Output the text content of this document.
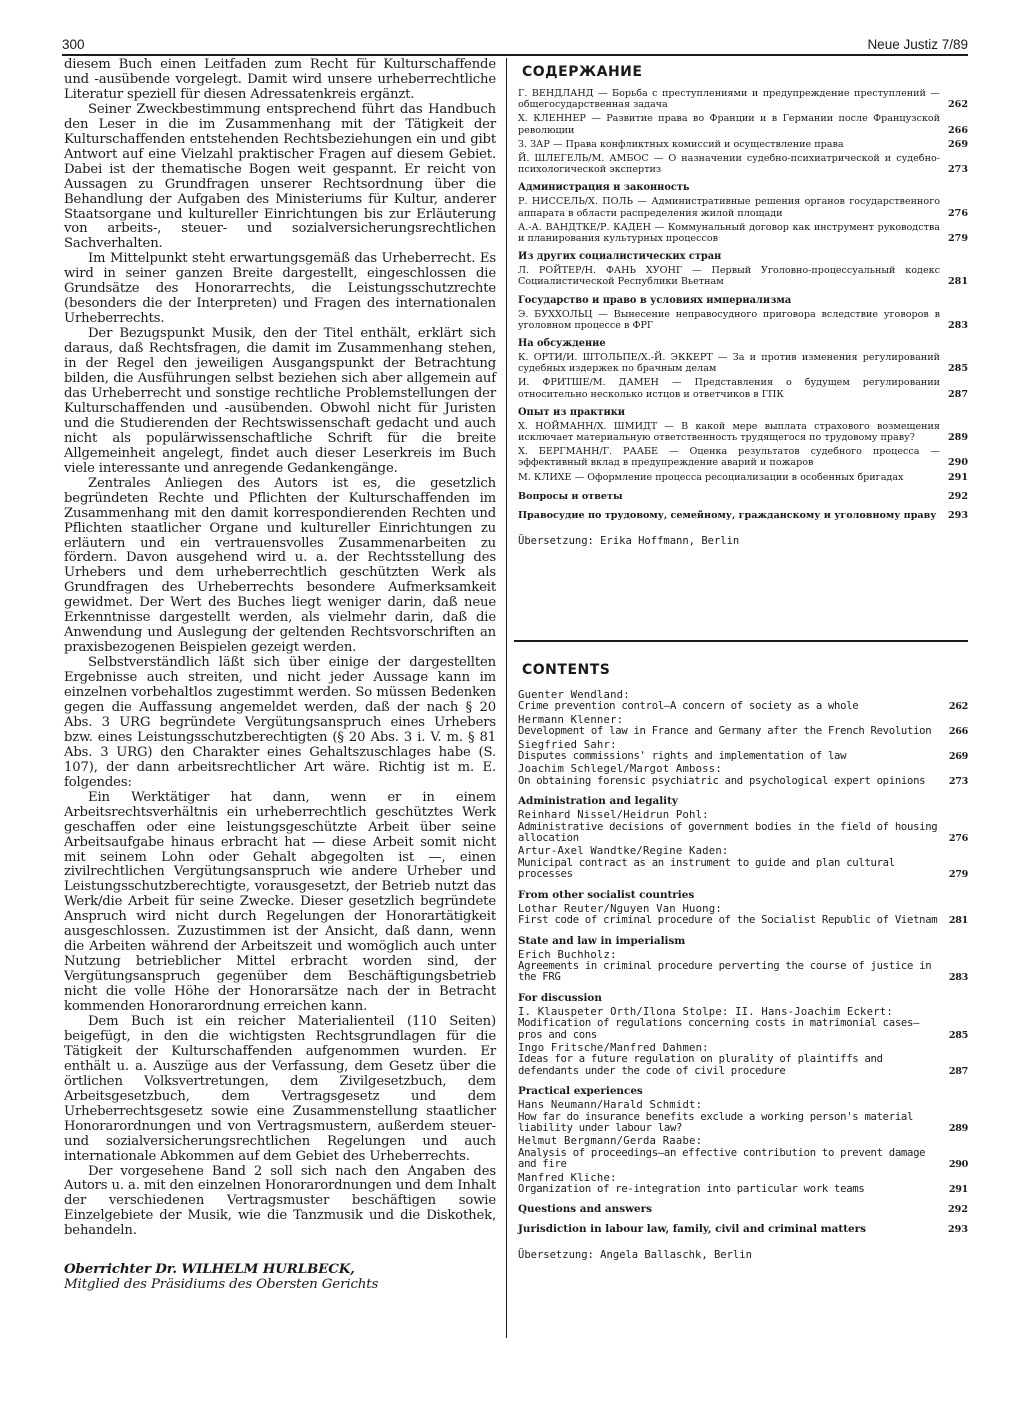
300	Neue Justiz 7/89

diesem Buch einen Leitfaden zum Recht für Kulturschaffende und -ausübende vorgelegt. Damit wird unsere urheberrechtliche Literatur speziell für diesen Adressatenkreis ergänzt.

Seiner Zweckbestimmung entsprechend führt das Handbuch den Leser in die im Zusammenhang mit der Tätigkeit der Kulturschaffenden entstehenden Rechtsbeziehungen ein und gibt Antwort auf eine Vielzahl praktischer Fragen auf diesem Gebiet. Dabei ist der thematische Bogen weit gespannt. Er reicht von Aussagen zu Grundfragen unserer Rechtsordnung über die Behandlung der Aufgaben des Ministeriums für Kultur, anderer Staatsorgane und kultureller Einrichtungen bis zur Erläuterung von arbeits-, steuer- und sozialversicherungsrechtlichen Sachverhalten.

Im Mittelpunkt steht erwartungsgemäß das Urheberrecht. Es wird in seiner ganzen Breite dargestellt, eingeschlossen die Grundsätze des Honorarrechts, die Leistungsschutzrechte (besonders die der Interpreten) und Fragen des internationalen Urheberrechts.

Der Bezugspunkt Musik, den der Titel enthält, erklärt sich daraus, daß Rechtsfragen, die damit im Zusammenhang stehen, in der Regel den jeweiligen Ausgangspunkt der Betrachtung bilden, die Ausführungen selbst beziehen sich aber allgemein auf das Urheberrecht und sonstige rechtliche Problemstellungen der Kulturschaffenden und -ausübenden. Obwohl nicht für Juristen und die Studierenden der Rechtswissenschaft gedacht und auch nicht als populärwissenschaftliche Schrift für die breite Allgemeinheit angelegt, findet auch dieser Leserkreis im Buch viele interessante und anregende Gedankengänge.

Zentrales Anliegen des Autors ist es, die gesetzlich begründeten Rechte und Pflichten der Kulturschaffenden im Zusammenhang mit den damit korrespondierenden Rechten und Pflichten staatlicher Organe und kultureller Einrichtungen zu erläutern und ein vertrauensvolles Zusammenarbeiten zu fördern. Davon ausgehend wird u. a. der Rechtsstellung des Urhebers und dem urheberrechtlich geschützten Werk als Grundfragen des Urheberrechts besondere Aufmerksamkeit gewidmet. Der Wert des Buches liegt weniger darin, daß neue Erkenntnisse dargestellt werden, als vielmehr darin, daß die Anwendung und Auslegung der geltenden Rechtsvorschriften an praxisbezogenen Beispielen gezeigt werden.

Selbstverständlich läßt sich über einige der dargestellten Ergebnisse auch streiten, und nicht jeder Aussage kann im einzelnen vorbehaltlos zugestimmt werden. So müssen Bedenken gegen die Auffassung angemeldet werden, daß der nach § 20 Abs. 3 URG begründete Vergütungsanspruch eines Urhebers bzw. eines Leistungsschutzberechtigten (§ 20 Abs. 3 i. V. m. § 81 Abs. 3 URG) den Charakter eines Gehaltszuschlages habe (S. 107), der dann arbeitsrechtlicher Art wäre. Richtig ist m. E. folgendes:

Ein Werktätiger hat dann, wenn er in einem Arbeitsrechtsverhältnis ein urheberrechtlich geschütztes Werk geschaffen oder eine leistungsgeschützte Arbeit über seine Arbeitsaufgabe hinaus erbracht hat — diese Arbeit somit nicht mit seinem Lohn oder Gehalt abgegolten ist —, einen zivilrechtlichen Vergütungsanspruch wie andere Urheber und Leistungsschutzberechtigte, vorausgesetzt, der Betrieb nutzt das Werk/die Arbeit für seine Zwecke. Dieser gesetzlich begründete Anspruch wird nicht durch Regelungen der Honorartätigkeit ausgeschlossen. Zuzustimmen ist der Ansicht, daß dann, wenn die Arbeiten während der Arbeitszeit und womöglich auch unter Nutzung betrieblicher Mittel erbracht worden sind, der Vergütungsanspruch gegenüber dem Beschäftigungsbetrieb nicht die volle Höhe der Honorarsätze nach der in Betracht kommenden Honorarordnung erreichen kann.

Dem Buch ist ein reicher Materialienteil (110 Seiten) beigefügt, in den die wichtigsten Rechtsgrundlagen für die Tätigkeit der Kulturschaffenden aufgenommen wurden. Er enthält u. a. Auszüge aus der Verfassung, dem Gesetz über die örtlichen Volksvertretungen, dem Zivilgesetzbuch, dem Arbeitsgesetzbuch, dem Vertragsgesetz und dem Urheberrechtsgesetz sowie eine Zusammenstellung staatlicher Honorarordnungen und von Vertragsmustern, außerdem steuer- und sozialversicherungsrechtlichen Regelungen und auch internationale Abkommen auf dem Gebiet des Urheberrechts.

Der vorgesehene Band 2 soll sich nach den Angaben des Autors u. a. mit den einzelnen Honorarordnungen und dem Inhalt der verschiedenen Vertragsmuster beschäftigen sowie Einzelgebiete der Musik, wie die Tanzmusik und die Diskothek, behandeln.

Oberrichter Dr. WILHELM HURLBECK,
Mitglied des Präsidiums des Obersten Gerichts
СОДЕРЖАНИЕ
Г. ВЕНДЛАНД — Борьба с преступлениями и предупреждение преступлений — общегосударственная задача	262
X. КЛЕННЕР — Развитие права во Франции и в Германии после Французской революции	266
З. ЗАР — Права конфликтных комиссий и осуществление права	269
Й. ШЛЕГЕЛЬ/М. АМБОС — О назначении судебно-психиатрической и судебно-психологической экспертиз	273
Администрация и законность
Р. НИССЕЛЬ/Х. ПОЛЬ — Административные решения органов государственного аппарата в области распределения жилой площади	276
А.-А. ВАНДТКЕ/Р. КАДЕН — Коммунальный договор как инструмент руководства и планирования культурных процессов	279
Из других социалистических стран
Л. РОЙТЕР/Н. ФАНЬ ХУОНГ — Первый Уголовно-процессуальный кодекс Социалистической Республики Вьетнам	281
Государство и право в условиях империализма
Э. БУХХОЛЬЦ — Вынесение неправосудного приговора вследствие уговоров в уголовном процессе в ФРГ	283
На обсуждение
К. ОРТИ/И. ШТОЛЬПЕ/Х.-Й. ЭККЕРТ — За и против изменения регулирований судебных издержек по брачным делам	285
И. ФРИТШЕ/М. ДАМЕН — Представления о будущем регулировании относительно несколько истцов и ответчиков в ГПК	287
Опыт из практики
X. НОЙМАНН/Х. ШМИДТ — В какой мере выплата страхового возмещения исключает материальную ответственность трудящегося по трудовому праву?	289
X. БЕРГМАНН/Г. РААБЕ — Оценка результатов судебного процесса — эффективный вклад в предупреждение аварий и пожаров	290
М. КЛИХЕ — Оформление процесса ресоциализации в особенных бригадах	291
Вопросы и ответы	292
Правосудие по трудовому, семейному, гражданскому и уголовному праву	293
Übersetzung: Erika Hoffmann, Berlin
CONTENTS
Guenter Wendland:
Crime prevention control—A concern of society as a whole	262
Hermann Klenner:
Development of law in France and Germany after the French Revolution	266
Siegfried Sahr:
Disputes commissions' rights and implementation of law	269
Joachim Schlegel/Margot Amboss:
On obtaining forensic psychiatric and psychological expert opinions	273
Administration and legality
Reinhard Nissel/Heidrun Pohl:
Administrative decisions of government bodies in the field of housing allocation	276
Artur-Axel Wandtke/Regine Kaden:
Municipal contract as an instrument to guide and plan cultural processes	279
From other socialist countries
Lothar Reuter/Nguyen Van Huong:
First code of criminal procedure of the Socialist Republic of Vietnam	281
State and law in imperialism
Erich Buchholz:
Agreements in criminal procedure perverting the course of justice in the FRG	283
For discussion
I. Klauspeter Orth/Ilona Stolpe: II. Hans-Joachim Eckert:
Modification of regulations concerning costs in matrimonial cases—pros and cons	285
Ingo Fritsche/Manfred Dahmen:
Ideas for a future regulation on plurality of plaintiffs and defendants under the code of civil procedure	287
Practical experiences
Hans Neumann/Harald Schmidt:
How far do insurance benefits exclude a working person's material liability under labour law?	289
Helmut Bergmann/Gerda Raabe:
Analysis of proceedings—an effective contribution to prevent damage and fire	290
Manfred Kliche:
Organization of re-integration into particular work teams	291
Questions and answers	292
Jurisdiction in labour law, family, civil and criminal matters	293
Übersetzung: Angela Ballaschk, Berlin
